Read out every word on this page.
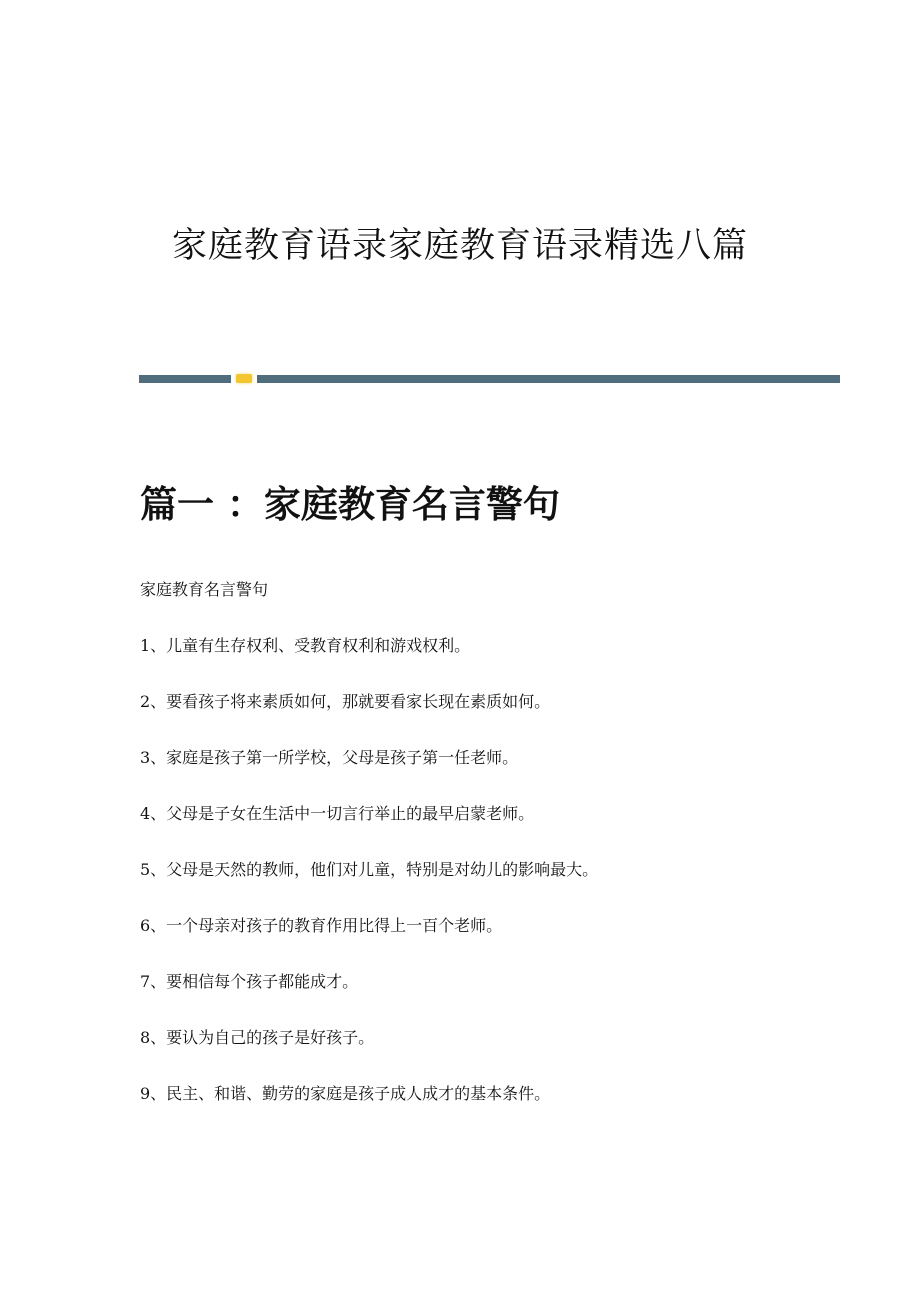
家庭教育语录家庭教育语录精选八篇
篇一 ：家庭教育名言警句
家庭教育名言警句
1、儿童有生存权利、受教育权利和游戏权利。
2、要看孩子将来素质如何，那就要看家长现在素质如何。
3、家庭是孩子第一所学校，父母是孩子第一任老师。
4、父母是子女在生活中一切言行举止的最早启蒙老师。
5、父母是天然的教师，他们对儿童，特别是对幼儿的影响最大。
6、一个母亲对孩子的教育作用比得上一百个老师。
7、要相信每个孩子都能成才。
8、要认为自己的孩子是好孩子。
9、民主、和谐、勤劳的家庭是孩子成人成才的基本条件。
